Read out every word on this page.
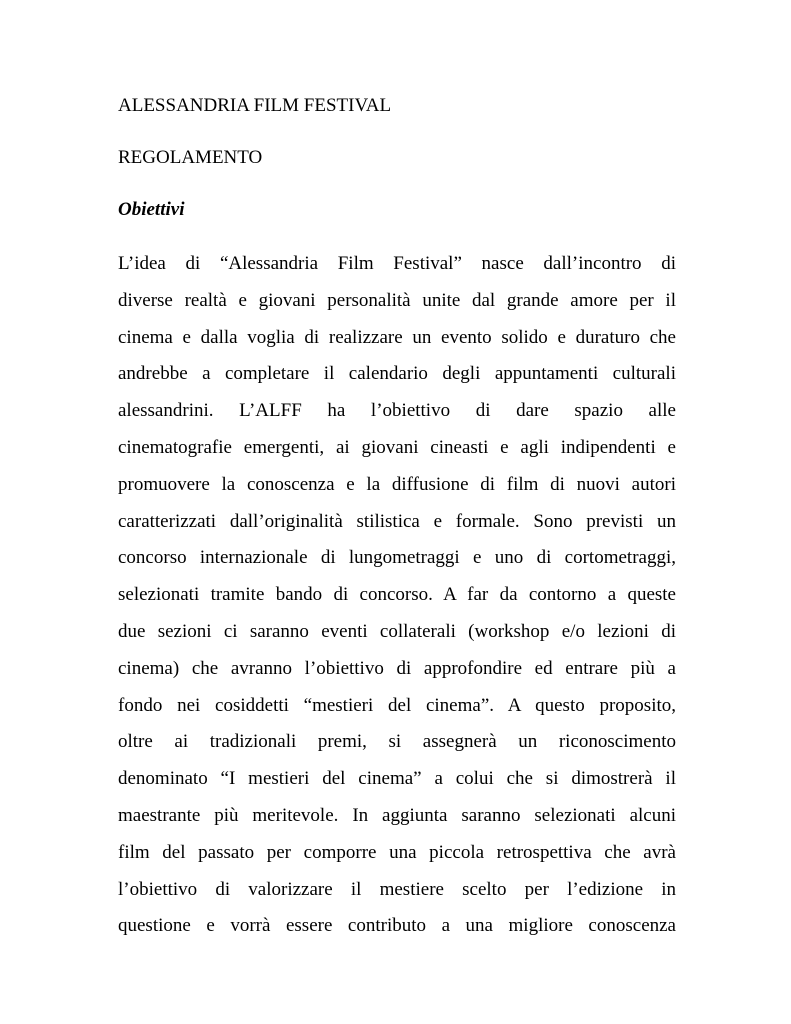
ALESSANDRIA FILM FESTIVAL
REGOLAMENTO
Obiettivi

L’idea di “Alessandria Film Festival” nasce dall’incontro di
diverse realtà e giovani personalità unite dal grande amore per il
cinema e dalla voglia di realizzare un evento solido e duraturo che
andrebbe a completare il calendario degli appuntamenti culturali
alessandrini. L’ALFF ha l’obiettivo di dare spazio alle
cinematografie emergenti, ai giovani cineasti e agli indipendenti e
promuovere la conoscenza e la diffusione di film di nuovi autori
caratterizzati dall’originalità stilistica e formale. Sono previsti un
concorso internazionale di lungometraggi e uno di cortometraggi,
selezionati tramite bando di concorso. A far da contorno a queste
due sezioni ci saranno eventi collaterali (workshop e/o lezioni di
cinema) che avranno l’obiettivo di approfondire ed entrare più a
fondo nei cosiddetti “mestieri del cinema”. A questo proposito,
oltre ai tradizionali premi, si assegnerà un riconoscimento
denominato “I mestieri del cinema” a colui che si dimostrerà il
maestrante più meritevole. In aggiunta saranno selezionati alcuni
film del passato per comporre una piccola retrospettiva che avrà
l’obiettivo di valorizzare il mestiere scelto per l’edizione in
questione e vorrà essere contributo a una migliore conoscenza
